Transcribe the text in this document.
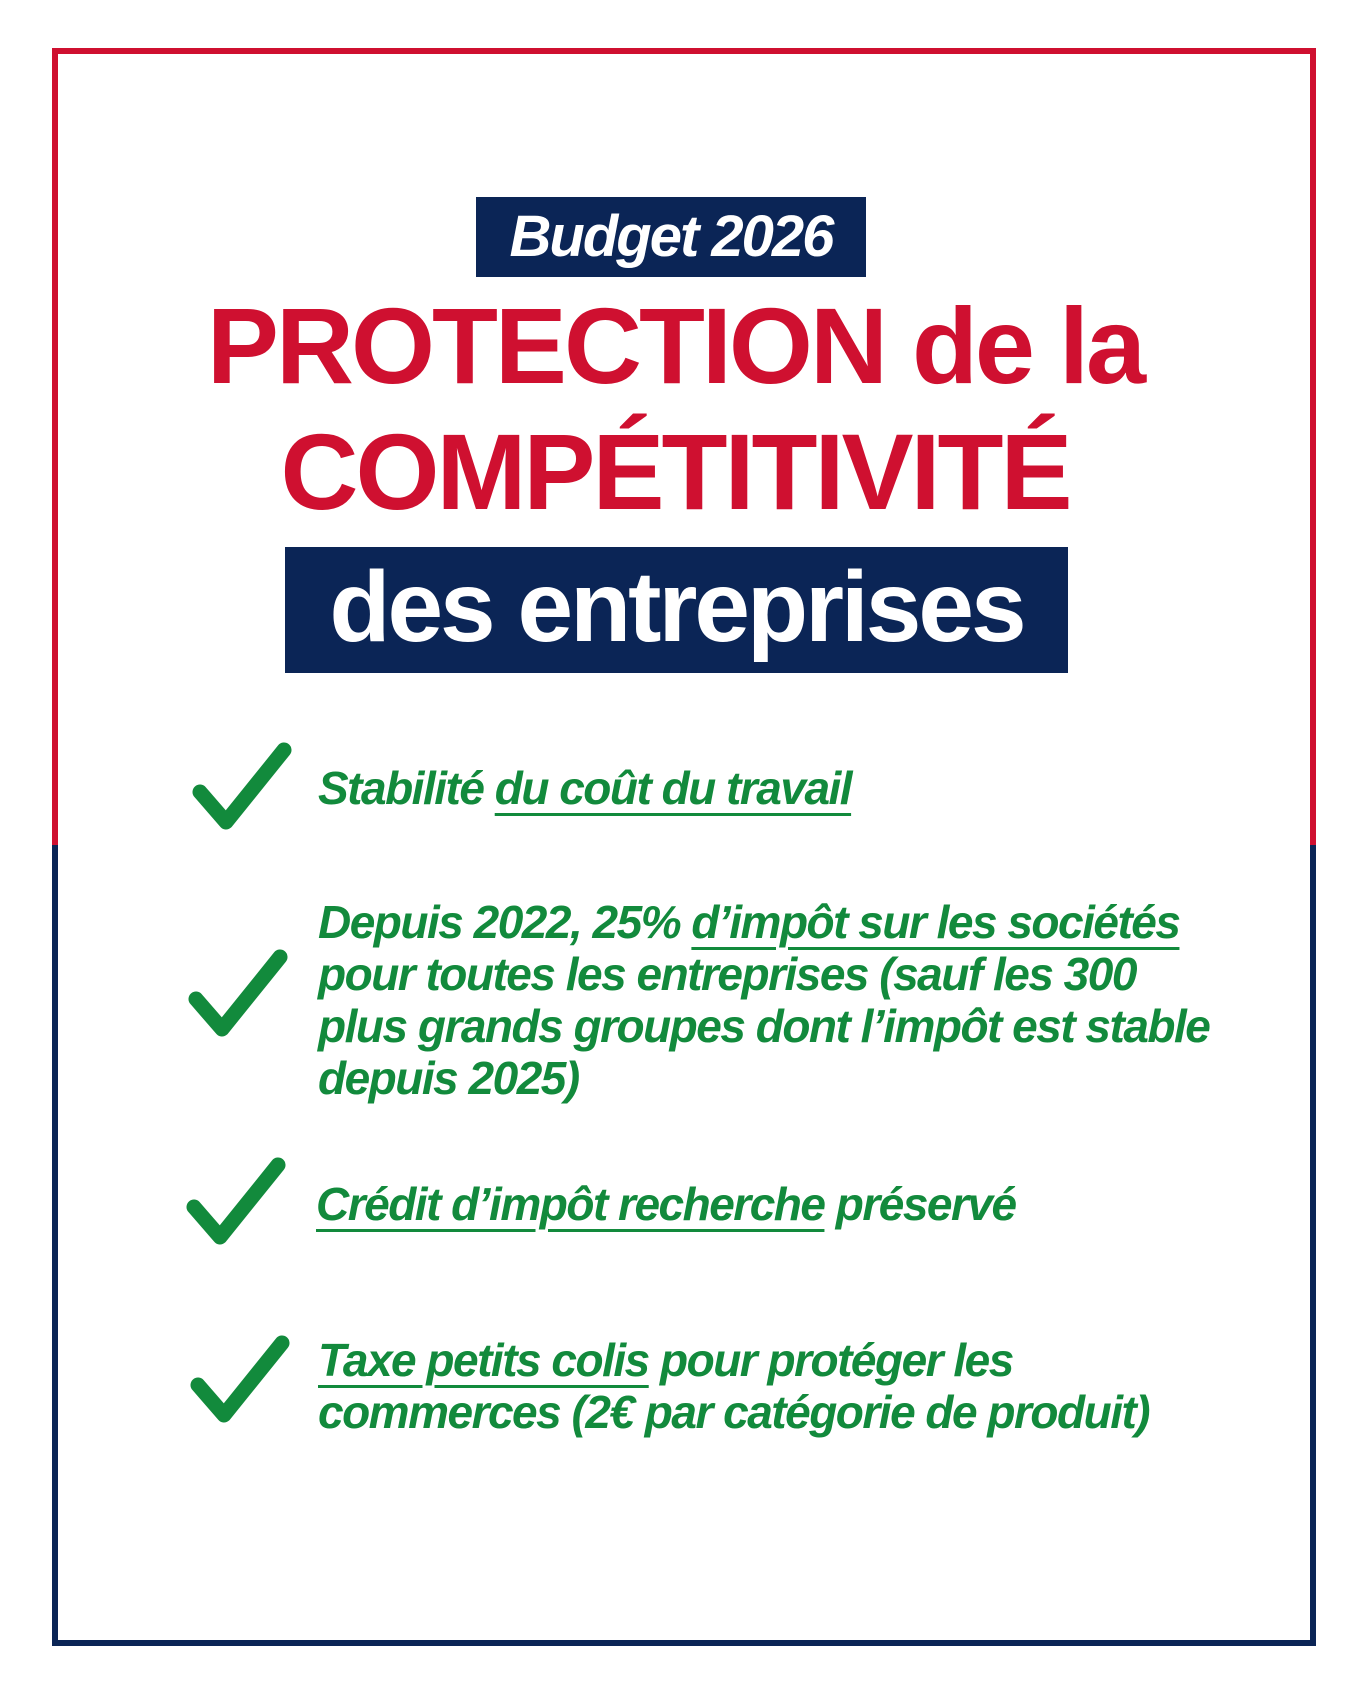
Budget 2026
PROTECTION de la
COMPÉTITIVITÉ
des entreprises
Stabilité du coût du travail
Depuis 2022, 25% d’impôt sur les sociétés
pour toutes les entreprises (sauf les 300
plus grands groupes dont l’impôt est stable
depuis 2025)
Crédit d’impôt recherche préservé
Taxe petits colis pour protéger les
commerces (2€ par catégorie de produit)
